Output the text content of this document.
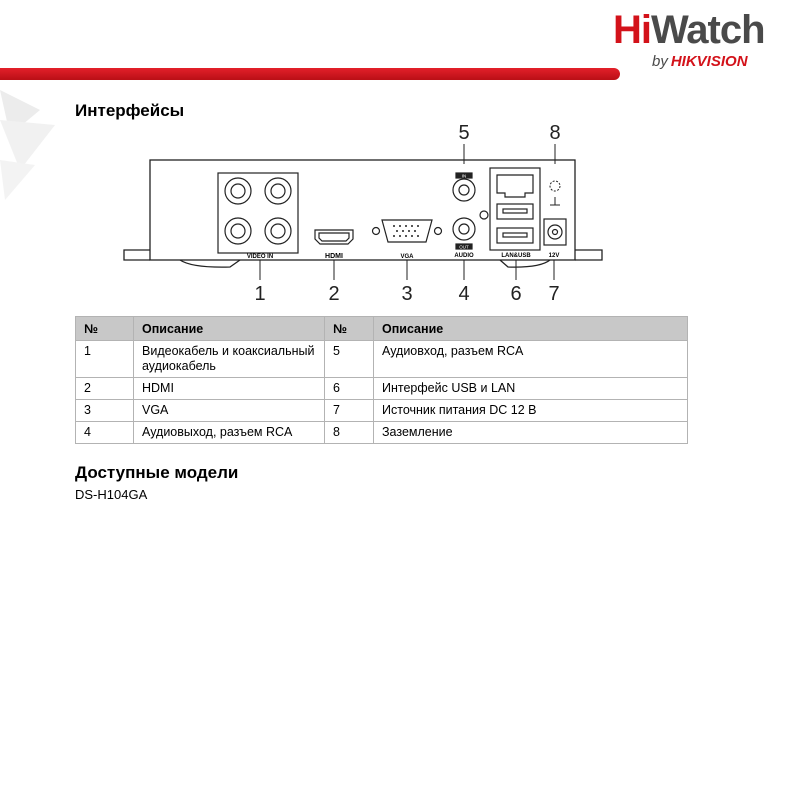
HiWatch
by HIKVISION
Интерфейсы
VIDEO IN	HDMI	VGA
IN
OUT
AUDIO	LAN&USB	12V
1	2	3 4 6 7
5	8
№	Описание	№	Описание
1	Видеокабель и коаксиальный аудиокабель	5	Аудиовход, разъем RCA
2	HDMI	6	Интерфейс USB и LAN
3	VGA	7	Источник питания DC 12 В
4	Аудиовыход, разъем RCA	8	Заземление
Доступные модели
DS-H104GA
